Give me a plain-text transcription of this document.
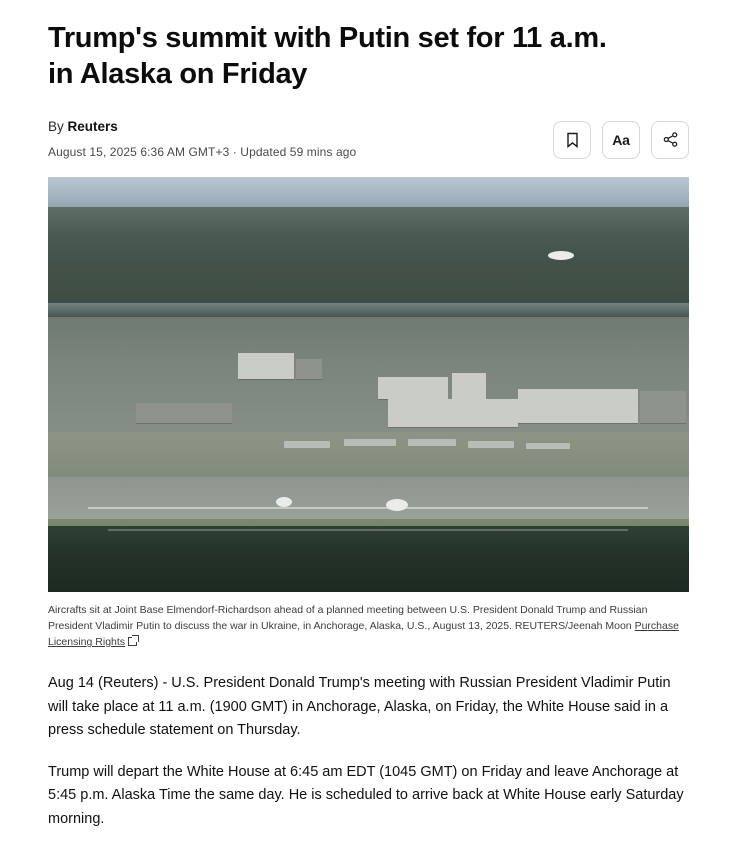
Trump's summit with Putin set for 11 a.m. in Alaska on Friday
By Reuters
August 15, 2025 6:36 AM GMT+3 · Updated 59 mins ago
Aa
Aircrafts sit at Joint Base Elmendorf-Richardson ahead of a planned meeting between U.S. President Donald Trump and Russian President Vladimir Putin to discuss the war in Ukraine, in Anchorage, Alaska, U.S., August 13, 2025. REUTERS/Jeenah Moon Purchase Licensing Rights

Aug 14 (Reuters) - U.S. President Donald Trump's meeting with Russian President Vladimir Putin will take place at 11 a.m. (1900 GMT) in Anchorage, Alaska, on Friday, the White House said in a press schedule statement on Thursday.

Trump will depart the White House at 6:45 am EDT (1045 GMT) on Friday and leave Anchorage at 5:45 p.m. Alaska Time the same day. He is scheduled to arrive back at White House early Saturday morning.
